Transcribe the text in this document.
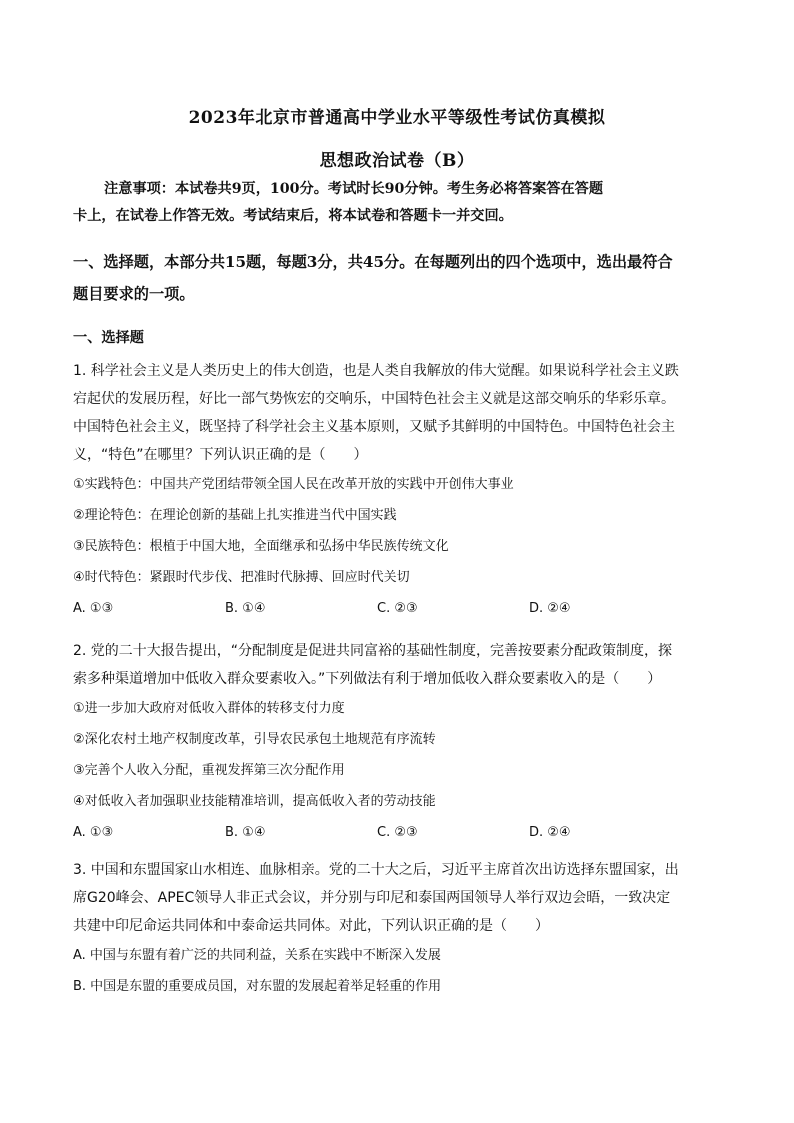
2023年北京市普通高中学业水平等级性考试仿真模拟
思想政治试卷（B）
注意事项：本试卷共9页，100分。考试时长90分钟。考生务必将答案答在答题
卡上，在试卷上作答无效。考试结束后，将本试卷和答题卡一并交回。
一、选择题，本部分共15题，每题3分，共45分。在每题列出的四个选项中，选出最符合题目要求的一项。
一、选择题
1. 科学社会主义是人类历史上的伟大创造，也是人类自我解放的伟大觉醒。如果说科学社会主义跌宕起伏的发展历程，好比一部气势恢宏的交响乐，中国特色社会主义就是这部交响乐的华彩乐章。中国特色社会主义，既坚持了科学社会主义基本原则，又赋予其鲜明的中国特色。中国特色社会主义，“特色”在哪里？下列认识正确的是（　　）
①实践特色：中国共产党团结带领全国人民在改革开放的实践中开创伟大事业
②理论特色：在理论创新的基础上扎实推进当代中国实践
③民族特色：根植于中国大地，全面继承和弘扬中华民族传统文化
④时代特色：紧跟时代步伐、把准时代脉搏、回应时代关切
A. ①③	B. ①④	C. ②③	D. ②④
2. 党的二十大报告提出，“分配制度是促进共同富裕的基础性制度，完善按要素分配政策制度，探索多种渠道增加中低收入群众要素收入。”下列做法有利于增加低收入群众要素收入的是（　　）
①进一步加大政府对低收入群体的转移支付力度
②深化农村土地产权制度改革，引导农民承包土地规范有序流转
③完善个人收入分配，重视发挥第三次分配作用
④对低收入者加强职业技能精准培训，提高低收入者的劳动技能
A. ①③	B. ①④	C. ②③	D. ②④
3. 中国和东盟国家山水相连、血脉相亲。党的二十大之后，习近平主席首次出访选择东盟国家，出席G20峰会、APEC领导人非正式会议，并分别与印尼和泰国两国领导人举行双边会晤，一致决定共建中印尼命运共同体和中泰命运共同体。对此，下列认识正确的是（　　）
A. 中国与东盟有着广泛的共同利益，关系在实践中不断深入发展
B. 中国是东盟的重要成员国，对东盟的发展起着举足轻重的作用
